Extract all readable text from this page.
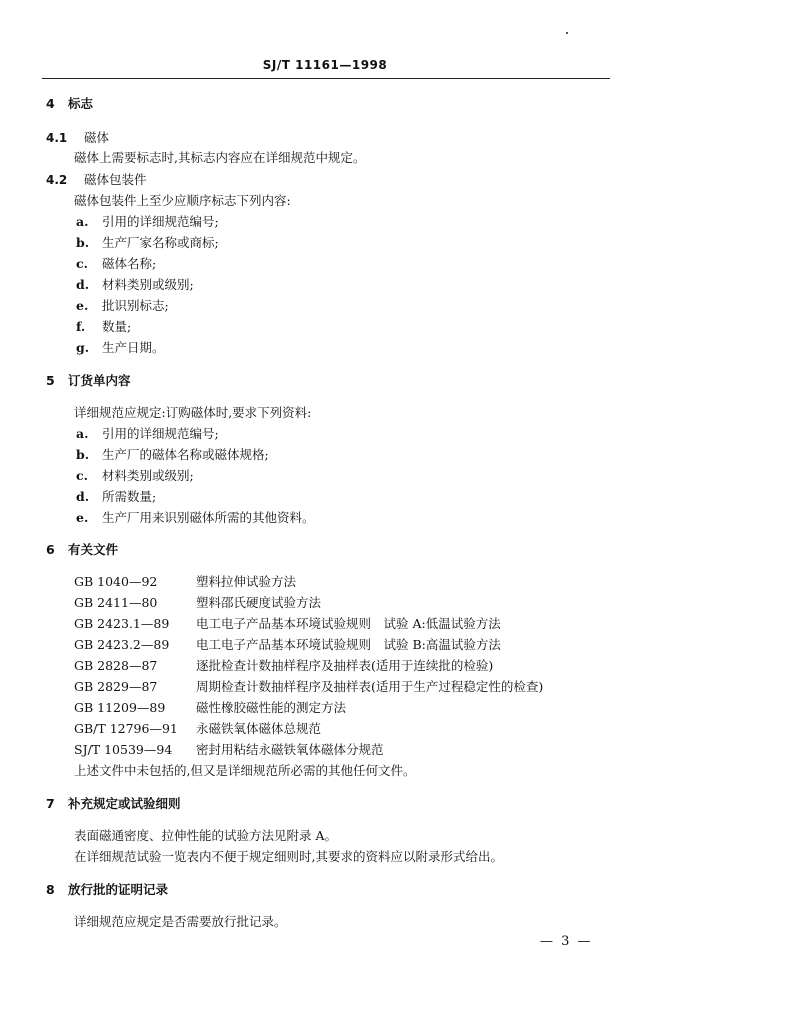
SJ/T 11161—1998
4 标志
4.1 磁体
磁体上需要标志时,其标志内容应在详细规范中规定。
4.2 磁体包装件
磁体包装件上至少应顺序标志下列内容:
a. 引用的详细规范编号;
b. 生产厂家名称或商标;
c.	磁体名称;
d. 材料类别或级别;
e. 批识别标志;
f.	数量;
g. 生产日期。
5 订货单内容
详细规范应规定:订购磁体时,要求下列资料:
a. 引用的详细规范编号;
b. 生产厂的磁体名称或磁体规格;
c.	材料类别或级别;
d. 所需数量;
e. 生产厂用来识别磁体所需的其他资料。
6 有关文件
GB 1040—92	塑料拉伸试验方法
GB 2411—80	塑料邵氏硬度试验方法
GB 2423.1—89 电工电子产品基本环境试验规则　试验 A:低温试验方法
GB 2423.2—89 电工电子产品基本环境试验规则　试验 B:高温试验方法
GB 2828—87	逐批检查计数抽样程序及抽样表(适用于连续批的检验)
GB 2829—87	周期检查计数抽样程序及抽样表(适用于生产过程稳定性的检查)
GB 11209—89 磁性橡胶磁性能的测定方法
GB/T 12796—91 永磁铁氧体磁体总规范
SJ/T 10539—94 密封用粘结永磁铁氧体磁体分规范
上述文件中未包括的,但又是详细规范所必需的其他任何文件。
7 补充规定或试验细则
表面磁通密度、拉伸性能的试验方法见附录 A。
在详细规范试验一览表内不便于规定细则时,其要求的资料应以附录形式给出。
8 放行批的证明记录
详细规范应规定是否需要放行批记录。
— 3 —
